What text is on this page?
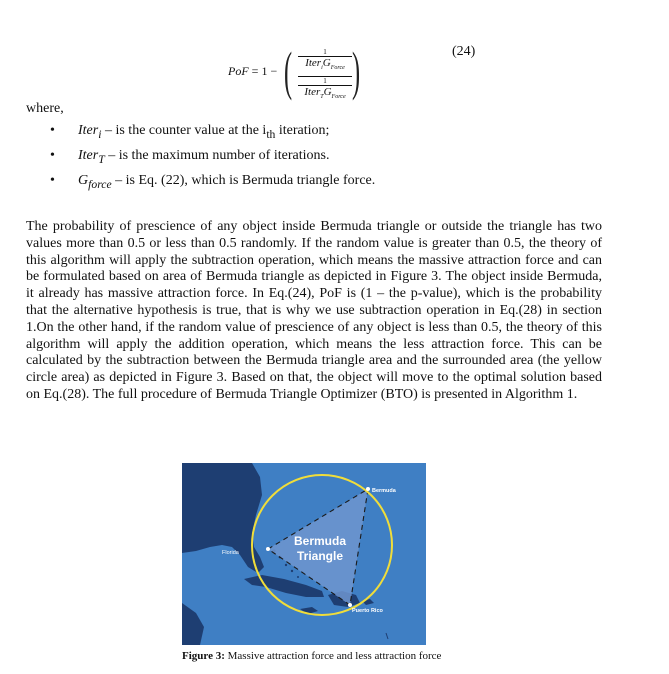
PoF = 1 − (	1
$Iter_iG_{Force}$
1
$Iter_TG_{Force}$ )	(24)
where,
• Iter$_i$ – is the counter value at the $i_{th}$ iteration;
• Iter$_T$ – is the maximum number of iterations.
• $G_{force}$ – is Eq. (22), which is Bermuda triangle force.

The probability of prescience of any object inside Bermuda triangle or outside the triangle has two values more than 0.5 or less than 0.5 randomly. If the random value is greater than 0.5, the theory of this algorithm will apply the subtraction operation, which means the massive attraction force and can be formulated based on area of Bermuda triangle as depicted in Figure 3. The object inside Bermuda, it already has massive attraction force. In Eq.(24), PoF is (1 – the p-value), which is the probability that the alternative hypothesis is true, that is why we use subtraction operation in Eq.(28) in section 1.On the other hand, if the random value of prescience of any object is less than 0.5, the theory of this algorithm will apply the addition operation, which means the less attraction force. This can be calculated by the subtraction between the Bermuda triangle area and the surrounded area (the yellow circle area) as depicted in Figure 3. Based on that, the object will move to the optimal solution based on Eq.(28). The full procedure of Bermuda Triangle Optimizer (BTO) is presented in Algorithm 1.

Bermuda
Florida
Puerto Rico
Bermuda
Triangle
Figure 3: Massive attraction force and less attraction force
